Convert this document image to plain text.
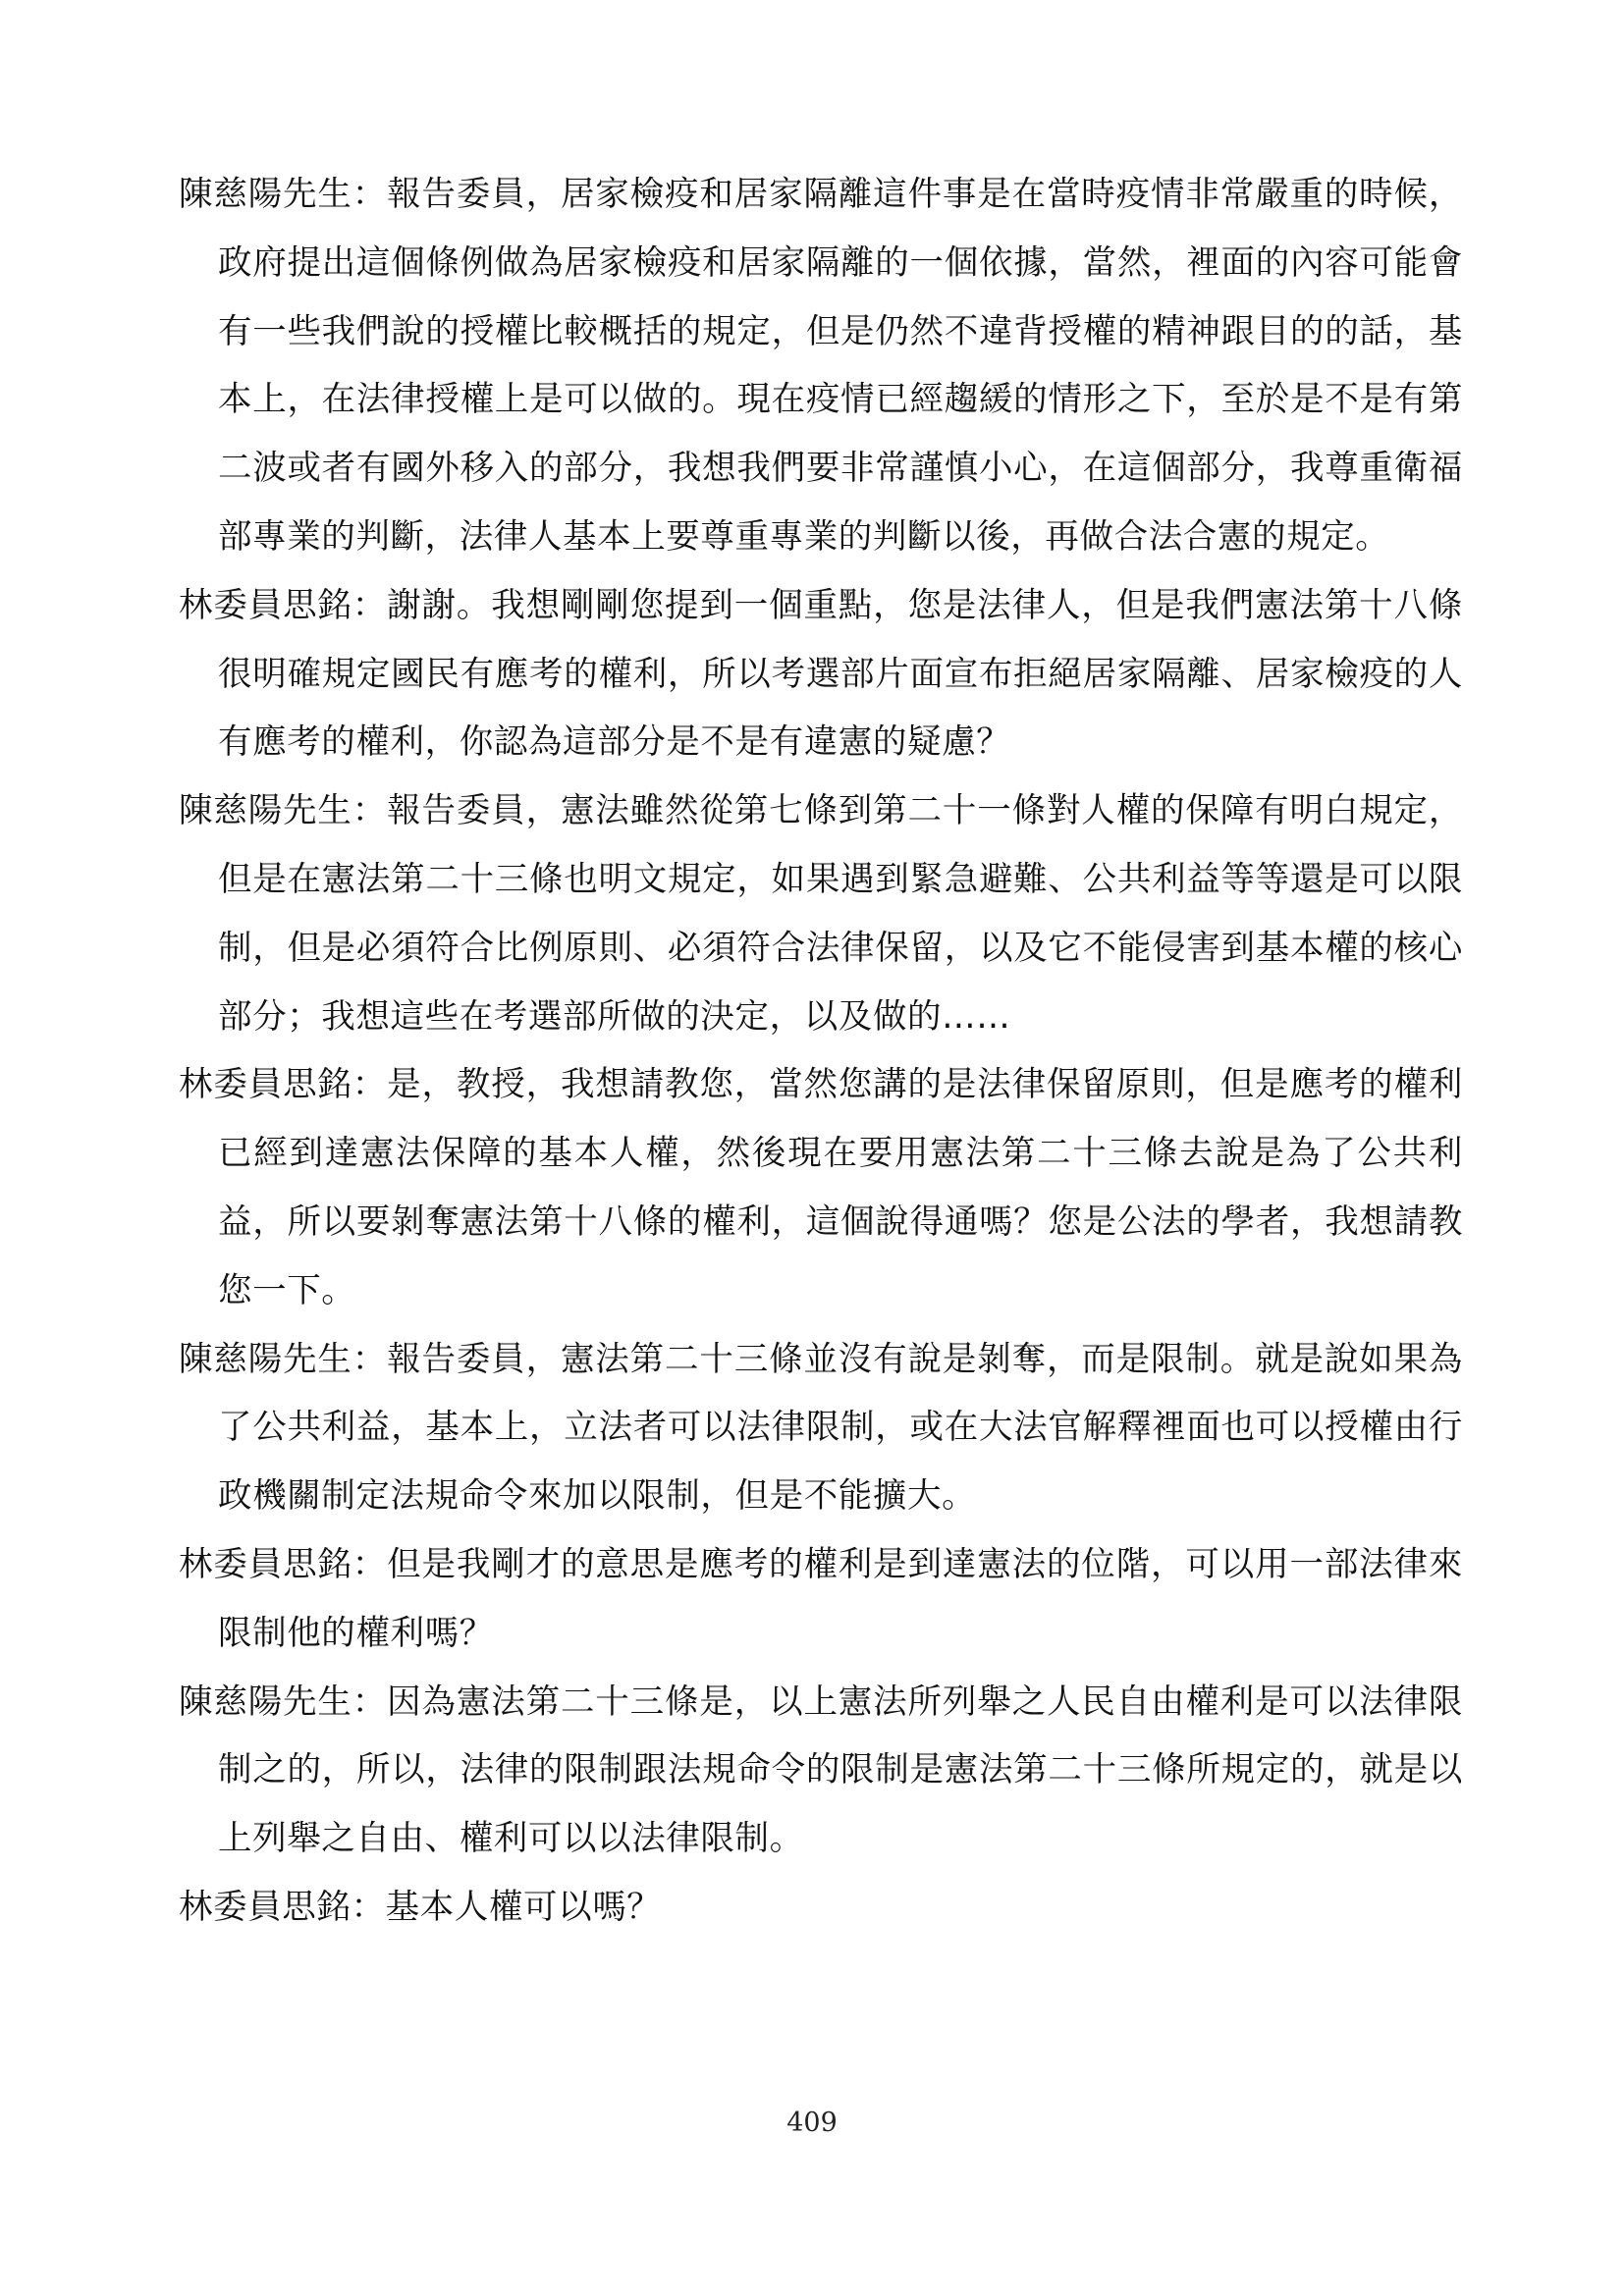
陳慈陽先生：報告委員，居家檢疫和居家隔離這件事是在當時疫情非常嚴重的時候，政府提出這個條例做為居家檢疫和居家隔離的一個依據，當然，裡面的內容可能會有一些我們說的授權比較概括的規定，但是仍然不違背授權的精神跟目的的話，基本上，在法律授權上是可以做的。現在疫情已經趨緩的情形之下，至於是不是有第二波或者有國外移入的部分，我想我們要非常謹慎小心，在這個部分，我尊重衛福部專業的判斷，法律人基本上要尊重專業的判斷以後，再做合法合憲的規定。

林委員思銘：謝謝。我想剛剛您提到一個重點，您是法律人，但是我們憲法第十八條很明確規定國民有應考的權利，所以考選部片面宣布拒絕居家隔離、居家檢疫的人有應考的權利，你認為這部分是不是有違憲的疑慮？

陳慈陽先生：報告委員，憲法雖然從第七條到第二十一條對人權的保障有明白規定，但是在憲法第二十三條也明文規定，如果遇到緊急避難、公共利益等等還是可以限制，但是必須符合比例原則、必須符合法律保留，以及它不能侵害到基本權的核心部分；我想這些在考選部所做的決定，以及做的……

林委員思銘：是，教授，我想請教您，當然您講的是法律保留原則，但是應考的權利已經到達憲法保障的基本人權，然後現在要用憲法第二十三條去說是為了公共利益，所以要剝奪憲法第十八條的權利，這個說得通嗎？您是公法的學者，我想請教您一下。

陳慈陽先生：報告委員，憲法第二十三條並沒有說是剝奪，而是限制。就是說如果為了公共利益，基本上，立法者可以法律限制，或在大法官解釋裡面也可以授權由行政機關制定法規命令來加以限制，但是不能擴大。

林委員思銘：但是我剛才的意思是應考的權利是到達憲法的位階，可以用一部法律來限制他的權利嗎？

陳慈陽先生：因為憲法第二十三條是，以上憲法所列舉之人民自由權利是可以法律限制之的，所以，法律的限制跟法規命令的限制是憲法第二十三條所規定的，就是以上列舉之自由、權利可以以法律限制。

林委員思銘：基本人權可以嗎？

409
